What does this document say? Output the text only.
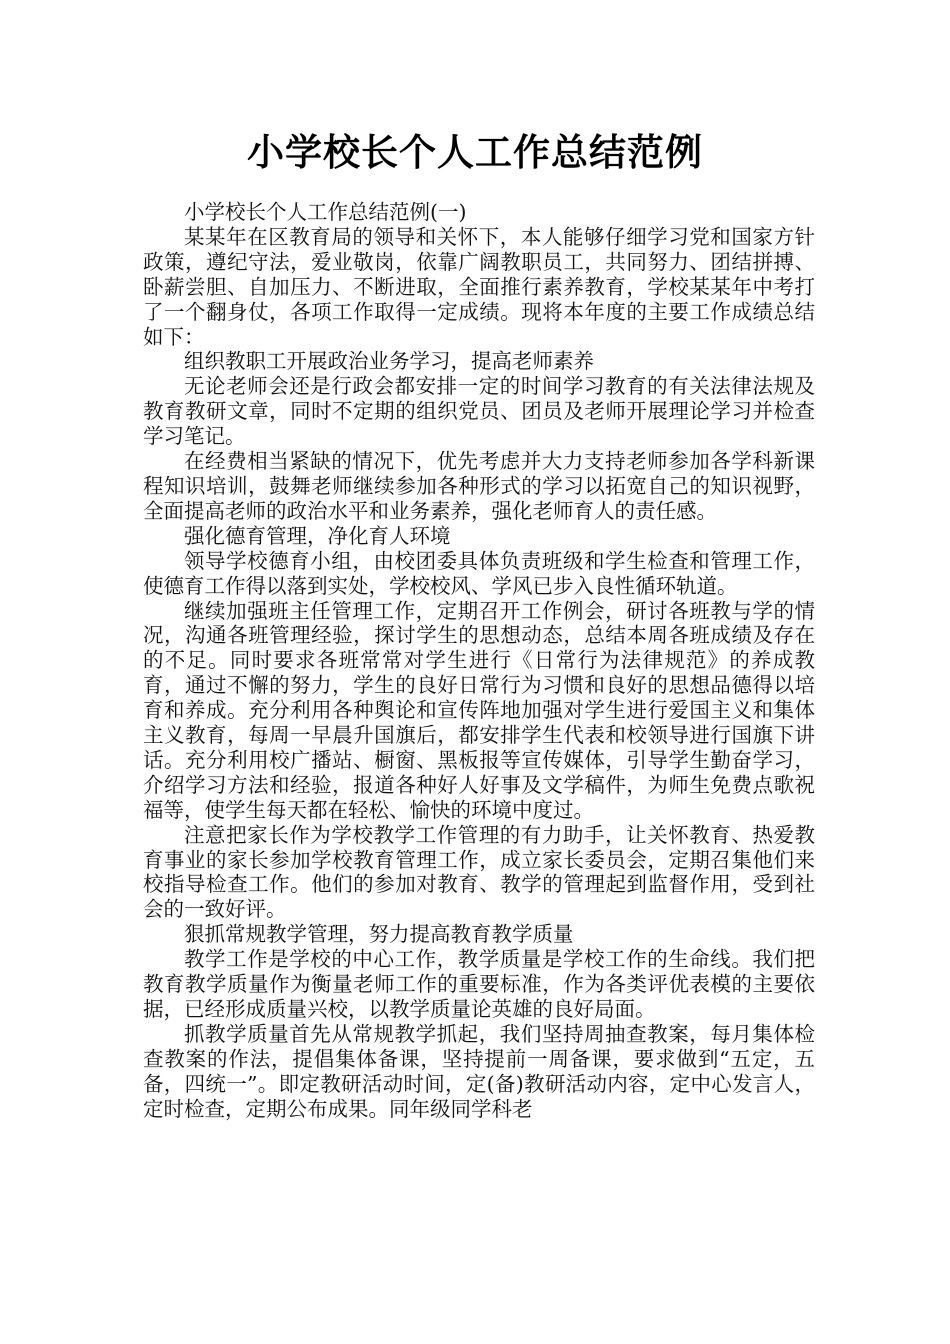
小学校长个人工作总结范例

小学校长个人工作总结范例(一)

某某年在区教育局的领导和关怀下，本人能够仔细学习党和国家方针政策，遵纪守法，爱业敬岗，依靠广阔教职员工，共同努力、团结拼搏、卧薪尝胆、自加压力、不断进取，全面推行素养教育，学校某某年中考打了一个翻身仗，各项工作取得一定成绩。现将本年度的主要工作成绩总结如下：

组织教职工开展政治业务学习，提高老师素养

无论老师会还是行政会都安排一定的时间学习教育的有关法律法规及教育教研文章，同时不定期的组织党员、团员及老师开展理论学习并检查学习笔记。

在经费相当紧缺的情况下，优先考虑并大力支持老师参加各学科新课程知识培训，鼓舞老师继续参加各种形式的学习以拓宽自己的知识视野，全面提高老师的政治水平和业务素养，强化老师育人的责任感。

强化德育管理，净化育人环境

领导学校德育小组，由校团委具体负责班级和学生检查和管理工作，使德育工作得以落到实处，学校校风、学风已步入良性循环轨道。

继续加强班主任管理工作，定期召开工作例会，研讨各班教与学的情况，沟通各班管理经验，探讨学生的思想动态，总结本周各班成绩及存在的不足。同时要求各班常常对学生进行《日常行为法律规范》的养成教育，通过不懈的努力，学生的良好日常行为习惯和良好的思想品德得以培育和养成。充分利用各种舆论和宣传阵地加强对学生进行爱国主义和集体主义教育，每周一早晨升国旗后，都安排学生代表和校领导进行国旗下讲话。充分利用校广播站、橱窗、黑板报等宣传媒体，引导学生勤奋学习，介绍学习方法和经验，报道各种好人好事及文学稿件，为师生免费点歌祝福等，使学生每天都在轻松、愉快的环境中度过。

注意把家长作为学校教学工作管理的有力助手，让关怀教育、热爱教育事业的家长参加学校教育管理工作，成立家长委员会，定期召集他们来校指导检查工作。他们的参加对教育、教学的管理起到监督作用，受到社会的一致好评。

狠抓常规教学管理，努力提高教育教学质量

教学工作是学校的中心工作，教学质量是学校工作的生命线。我们把教育教学质量作为衡量老师工作的重要标准，作为各类评优表模的主要依据，已经形成质量兴校，以教学质量论英雄的良好局面。

抓教学质量首先从常规教学抓起，我们坚持周抽查教案，每月集体检查教案的作法，提倡集体备课，坚持提前一周备课，要求做到“五定，五备，四统一”。即定教研活动时间，定(备)教研活动内容，定中心发言人，定时检查，定期公布成果。同年级同学科老
